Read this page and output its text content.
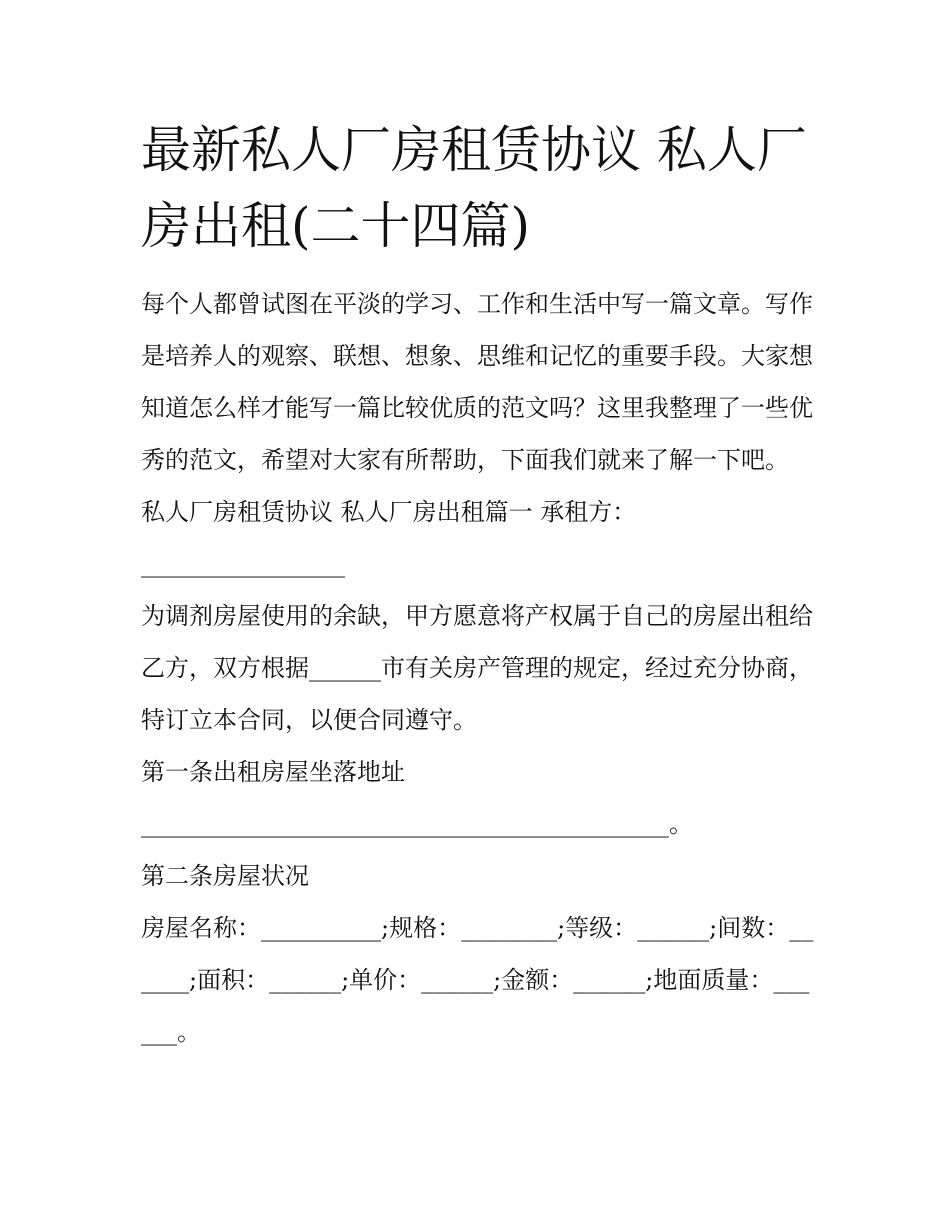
最新私人厂房租赁协议 私人厂房出租(二十四篇)

每个人都曾试图在平淡的学习、工作和生活中写一篇文章。写作是培养人的观察、联想、想象、思维和记忆的重要手段。大家想知道怎么样才能写一篇比较优质的范文吗？这里我整理了一些优秀的范文，希望对大家有所帮助，下面我们就来了解一下吧。

私人厂房租赁协议 私人厂房出租篇一 承租方：

_________________

为调剂房屋使用的余缺，甲方愿意将产权属于自己的房屋出租给乙方，双方根据______市有关房产管理的规定，经过充分协商，特订立本合同，以便合同遵守。

第一条出租房屋坐落地址

____________________________________________。

第二条房屋状况

房屋名称：__________;规格：________;等级：______;间数：______;面积：______;单价：______;金额：______;地面质量：______。
